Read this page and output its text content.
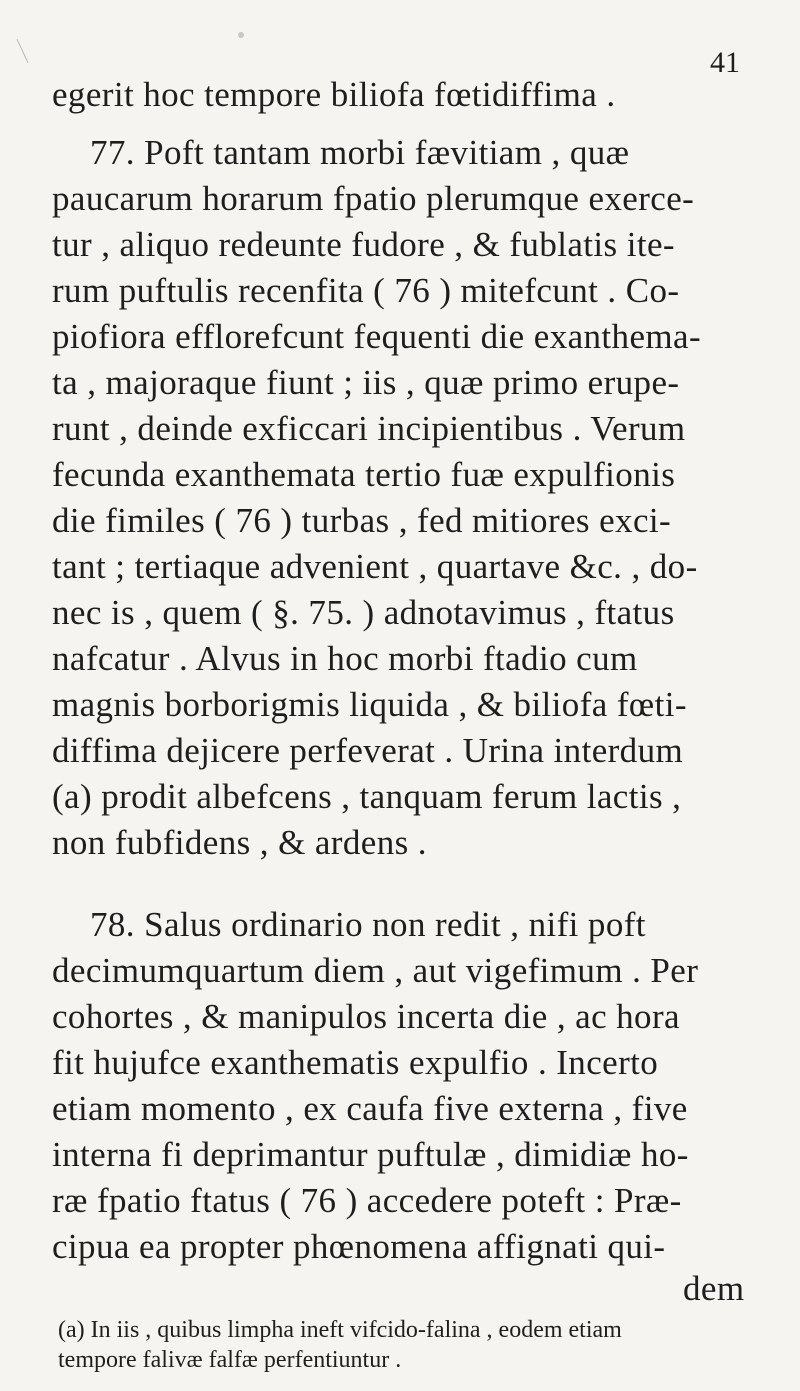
41
egerit hoc tempore biliofa fœtidiffima .
77. Poft tantam morbi fævitiam , quæ
paucarum horarum fpatio plerumque exerce-
tur , aliquo redeunte fudore , & fublatis ite-
rum puftulis recenfita ( 76 ) mitefcunt . Co-
piofiora efflorefcunt fequenti die exanthema-
ta , majoraque fiunt ; iis , quæ primo erupe-
runt , deinde exficcari incipientibus . Verum
fecunda exanthemata tertio fuæ expulfionis
die fimiles ( 76 ) turbas , fed mitiores exci-
tant ; tertiaque advenient , quartave &c. , do-
nec is , quem ( §. 75. ) adnotavimus , ftatus
nafcatur . Alvus in hoc morbi ftadio cum
magnis borborigmis liquida , & biliofa fœti-
diffima dejicere perfeverat . Urina interdum
(a) prodit albefcens , tanquam ferum lactis ,
non fubfidens , & ardens .
78. Salus ordinario non redit , nifi poft
decimumquartum diem , aut vigefimum . Per
cohortes , & manipulos incerta die , ac hora
fit hujufce exanthematis expulfio . Incerto
etiam momento , ex caufa five externa , five
interna fi deprimantur puftulæ , dimidiæ ho-
ræ fpatio ftatus ( 76 ) accedere poteft : Præ-
cipua ea propter phœnomena affignati qui-
dem
(a) In iis , quibus limpha ineft vifcido-falina , eodem etiam
tempore falivæ falfæ perfentiuntur .
